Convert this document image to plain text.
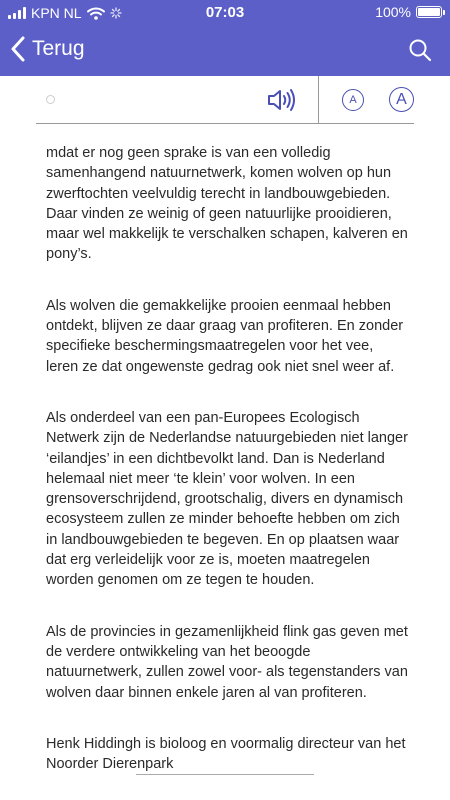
KPN NL	07:03	100%
Terug
A	A

mdat er nog geen sprake is van een volledig samenhangend natuurnetwerk, komen wolven op hun zwerftochten veelvuldig terecht in landbouwgebieden. Daar vinden ze weinig of geen natuurlijke prooidieren, maar wel makkelijk te verschalken schapen, kalveren en pony’s.

Als wolven die gemakkelijke prooien eenmaal hebben ontdekt, blijven ze daar graag van profiteren. En zonder specifieke beschermingsmaatregelen voor het vee, leren ze dat ongewenste gedrag ook niet snel weer af.

Als onderdeel van een pan-Europees Ecologisch Netwerk zijn de Nederlandse natuurgebieden niet langer ‘eilandjes’ in een dichtbevolkt land. Dan is Nederland helemaal niet meer ‘te klein’ voor wolven. In een grensoverschrijdend, grootschalig, divers en dynamisch ecosysteem zullen ze minder behoefte hebben om zich in landbouwgebieden te begeven. En op plaatsen waar dat erg verleidelijk voor ze is, moeten maatregelen worden genomen om ze tegen te houden.

Als de provincies in gezamenlijkheid flink gas geven met de verdere ontwikkeling van het beoogde natuurnetwerk, zullen zowel voor- als tegenstanders van wolven daar binnen enkele jaren al van profiteren.

Henk Hiddingh is bioloog en voormalig directeur van het Noorder Dierenpark
